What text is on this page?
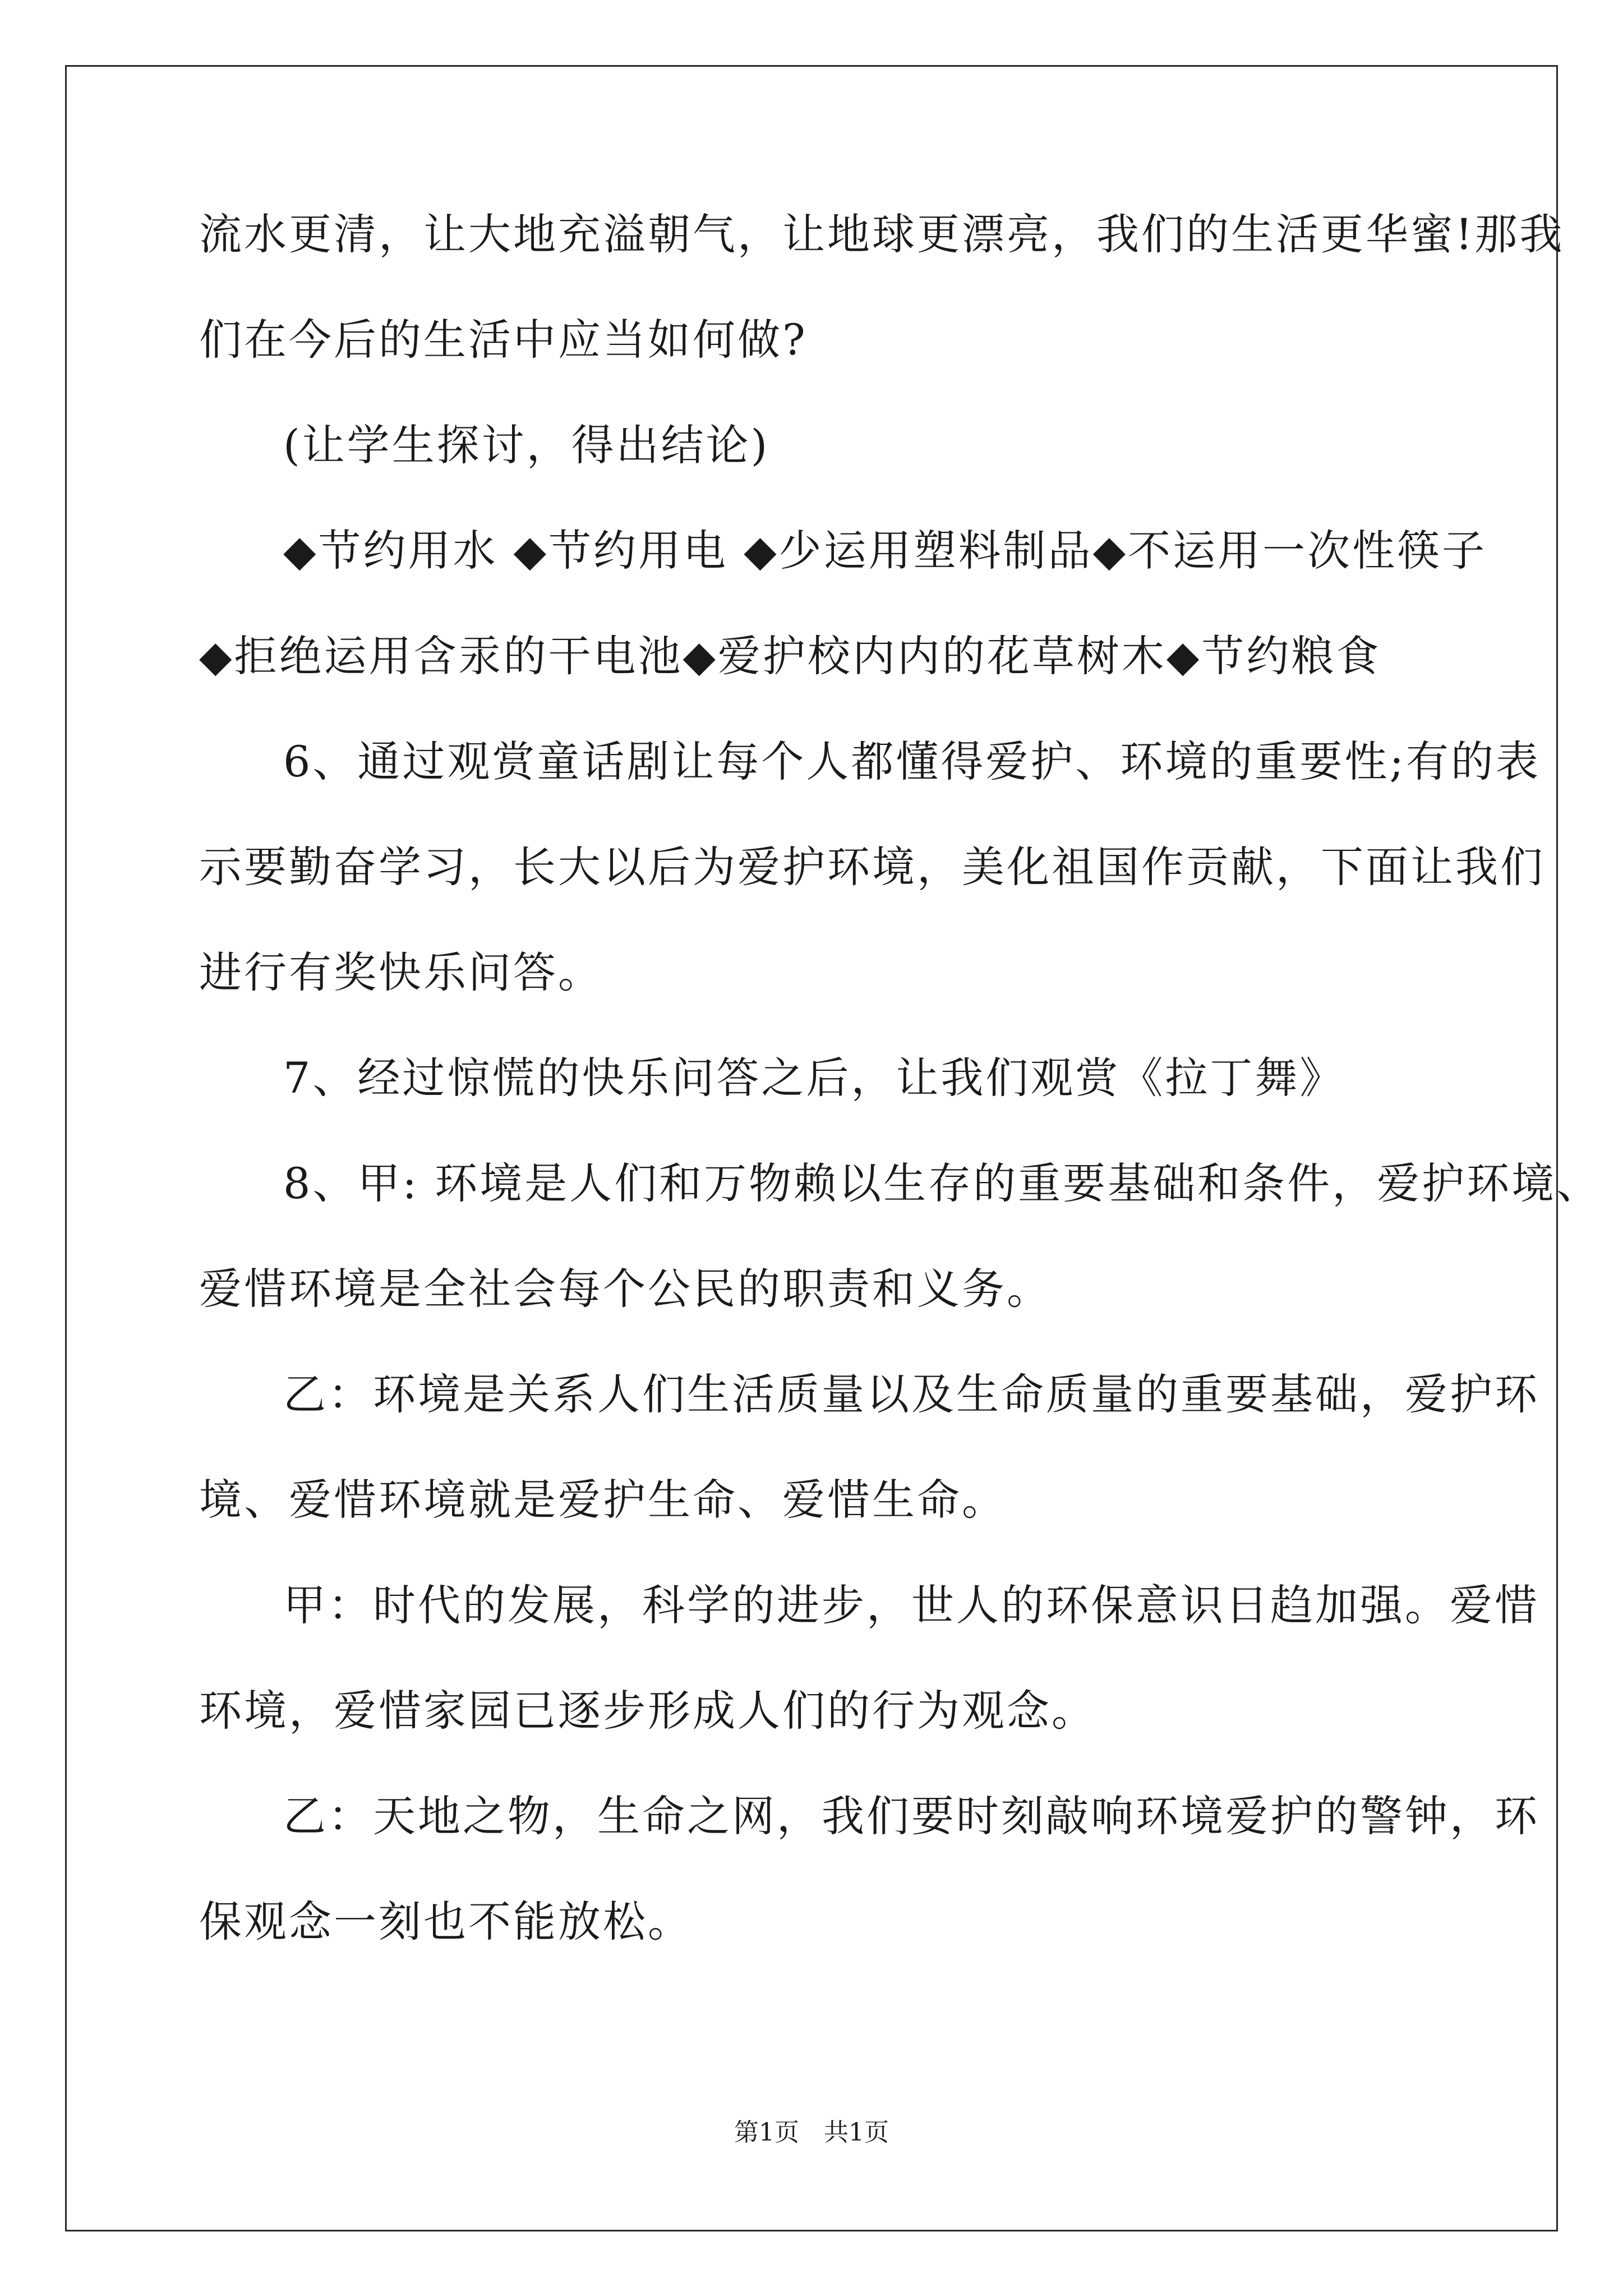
流水更清，让大地充溢朝气，让地球更漂亮，我们的生活更华蜜!那我
们在今后的生活中应当如何做?
(让学生探讨，得出结论)
◆节约用水 ◆节约用电 ◆少运用塑料制品◆不运用一次性筷子
◆拒绝运用含汞的干电池◆爱护校内内的花草树木◆节约粮食
6、通过观赏童话剧让每个人都懂得爱护、环境的重要性;有的表
示要勤奋学习，长大以后为爱护环境，美化祖国作贡献，下面让我们
进行有奖快乐问答。
7、经过惊慌的快乐问答之后，让我们观赏《拉丁舞》
8、甲: 环境是人们和万物赖以生存的重要基础和条件，爱护环境、
爱惜环境是全社会每个公民的职责和义务。
乙：环境是关系人们生活质量以及生命质量的重要基础，爱护环
境、爱惜环境就是爱护生命、爱惜生命。
甲：时代的发展，科学的进步，世人的环保意识日趋加强。爱惜
环境，爱惜家园已逐步形成人们的行为观念。
乙：天地之物，生命之网，我们要时刻敲响环境爱护的警钟，环
保观念一刻也不能放松。
第1页　共1页
